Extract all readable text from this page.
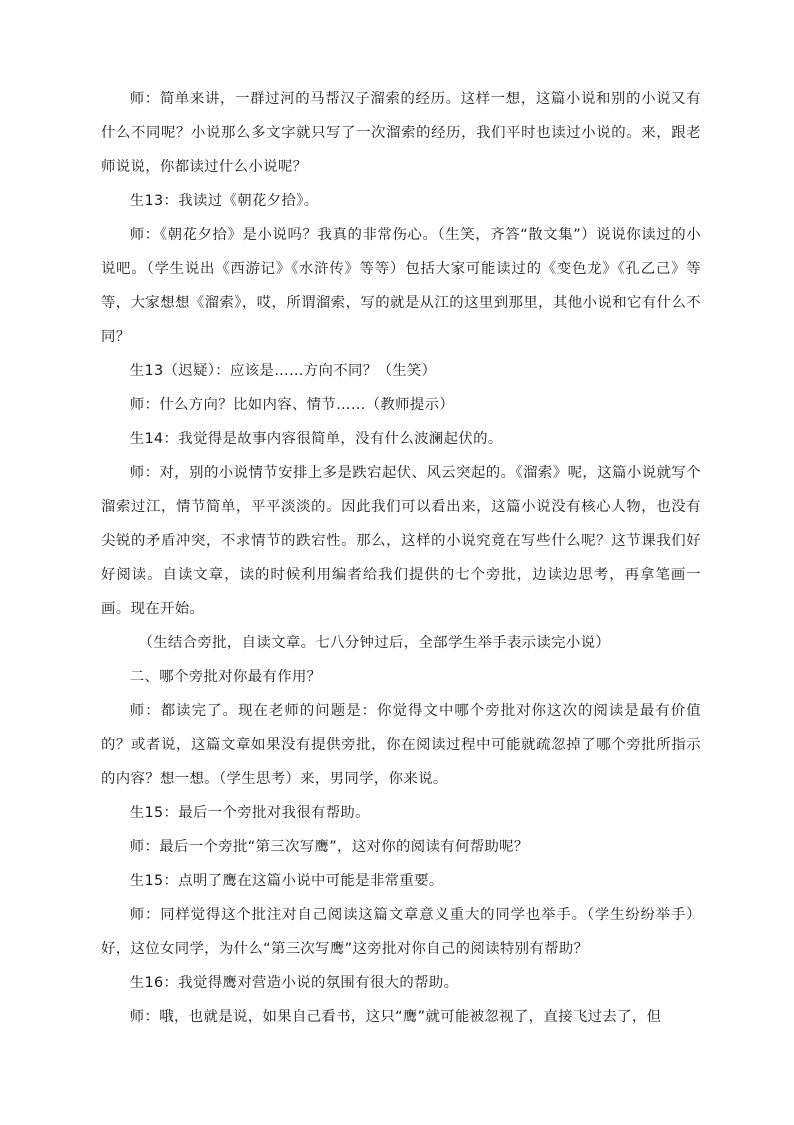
师：简单来讲，一群过河的马帮汉子溜索的经历。这样一想，这篇小说和别的小说又有什么不同呢？小说那么多文字就只写了一次溜索的经历，我们平时也读过小说的。来，跟老师说说，你都读过什么小说呢？

生13：我读过《朝花夕拾》。

师：《朝花夕拾》是小说吗？我真的非常伤心。（生笑，齐答“散文集”）说说你读过的小说吧。（学生说出《西游记》《水浒传》等等）包括大家可能读过的《变色龙》《孔乙己》等等，大家想想《溜索》，哎，所谓溜索，写的就是从江的这里到那里，其他小说和它有什么不同？

生13（迟疑）：应该是……方向不同？（生笑）

师：什么方向？比如内容、情节……（教师提示）

生14：我觉得是故事内容很简单，没有什么波澜起伏的。

师：对，别的小说情节安排上多是跌宕起伏、风云突起的。《溜索》呢，这篇小说就写个溜索过江，情节简单，平平淡淡的。因此我们可以看出来，这篇小说没有核心人物，也没有尖锐的矛盾冲突，不求情节的跌宕性。那么，这样的小说究竟在写些什么呢？这节课我们好好阅读。自读文章，读的时候利用编者给我们提供的七个旁批，边读边思考，再拿笔画一画。现在开始。

（生结合旁批，自读文章。七八分钟过后，全部学生举手表示读完小说）

二、哪个旁批对你最有作用？

师：都读完了。现在老师的问题是：你觉得文中哪个旁批对你这次的阅读是最有价值的？或者说，这篇文章如果没有提供旁批，你在阅读过程中可能就疏忽掉了哪个旁批所指示的内容？想一想。（学生思考）来，男同学，你来说。

生15：最后一个旁批对我很有帮助。

师：最后一个旁批“第三次写鹰”，这对你的阅读有何帮助呢？

生15：点明了鹰在这篇小说中可能是非常重要。

师：同样觉得这个批注对自己阅读这篇文章意义重大的同学也举手。（学生纷纷举手）好，这位女同学，为什么“第三次写鹰”这旁批对你自己的阅读特别有帮助？

生16：我觉得鹰对营造小说的氛围有很大的帮助。

师：哦，也就是说，如果自己看书，这只“鹰”就可能被忽视了，直接飞过去了，但
